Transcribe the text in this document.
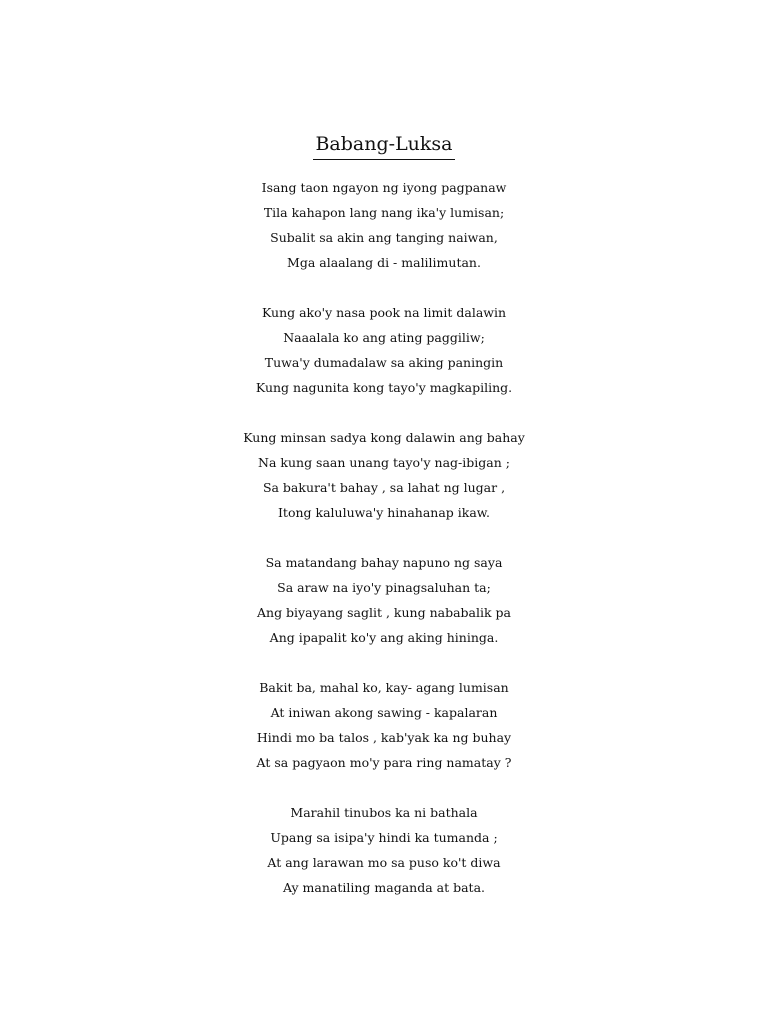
Babang-Luksa
Isang taon ngayon ng iyong pagpanaw
Tila kahapon lang nang ika'y lumisan;
Subalit sa akin ang tanging naiwan,
Mga alaalang di - malilimutan.
Kung ako'y nasa pook na limit dalawin
Naaalala ko ang ating paggiliw;
Tuwa'y dumadalaw sa aking paningin
Kung nagunita kong tayo'y magkapiling.
Kung minsan sadya kong dalawin ang bahay
Na kung saan unang tayo'y nag-ibigan ;
Sa bakura't bahay , sa lahat ng lugar ,
Itong kaluluwa'y hinahanap ikaw.
Sa matandang bahay napuno ng saya
Sa araw na iyo'y pinagsaluhan ta;
Ang biyayang saglit , kung nababalik pa
Ang ipapalit ko'y ang aking hininga.
Bakit ba, mahal ko, kay- agang lumisan
At iniwan akong sawing - kapalaran
Hindi mo ba talos , kab'yak ka ng buhay
At sa pagyaon mo'y para ring namatay ?
Marahil tinubos ka ni bathala
Upang sa isipa'y hindi ka tumanda ;
At ang larawan mo sa puso ko't diwa
Ay manatiling maganda at bata.
